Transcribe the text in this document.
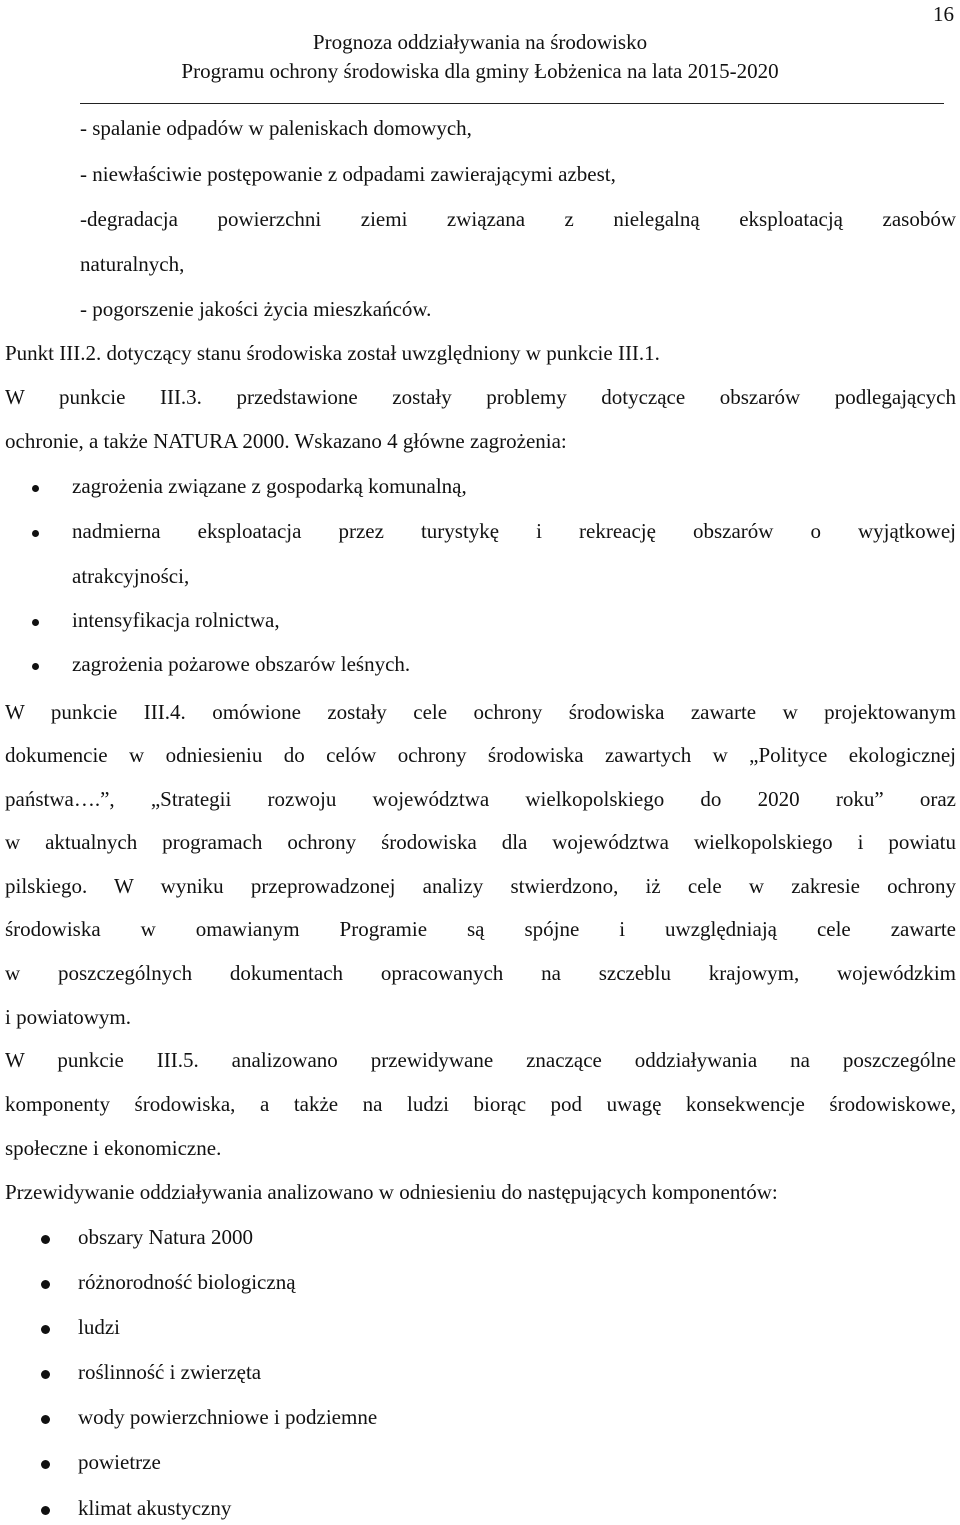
16
Prognoza oddziaływania na środowisko
Programu ochrony środowiska dla gminy Łobżenica na lata 2015-2020
- spalanie odpadów w paleniskach domowych,
- niewłaściwie postępowanie z odpadami zawierającymi azbest,
-degradacja powierzchni ziemi związana z nielegalną eksploatacją zasobów
naturalnych,
- pogorszenie jakości życia mieszkańców.
Punkt III.2. dotyczący stanu środowiska został uwzględniony w punkcie III.1.
W punkcie III.3. przedstawione zostały problemy dotyczące obszarów podlegających
ochronie, a także NATURA 2000. Wskazano 4 główne zagrożenia:
zagrożenia związane z gospodarką komunalną,
nadmierna eksploatacja przez turystykę i rekreację obszarów o wyjątkowej
atrakcyjności,
intensyfikacja rolnictwa,
zagrożenia pożarowe obszarów leśnych.
W punkcie III.4. omówione zostały cele ochrony środowiska zawarte w projektowanym
dokumencie w odniesieniu do celów ochrony środowiska zawartych w „Polityce ekologicznej
państwa….”, „Strategii rozwoju województwa wielkopolskiego do 2020 roku” oraz
w aktualnych programach ochrony środowiska dla województwa wielkopolskiego i powiatu
pilskiego. W wyniku przeprowadzonej analizy stwierdzono, iż cele w zakresie ochrony
środowiska w omawianym Programie są spójne i uwzględniają cele zawarte
w poszczególnych dokumentach opracowanych na szczeblu krajowym, wojewódzkim
i powiatowym.
W punkcie III.5. analizowano przewidywane znaczące oddziaływania na poszczególne
komponenty środowiska, a także na ludzi biorąc pod uwagę konsekwencje środowiskowe,
społeczne i ekonomiczne.
Przewidywanie oddziaływania analizowano w odniesieniu do następujących komponentów:
obszary Natura 2000
różnorodność biologiczną
ludzi
roślinność i zwierzęta
wody powierzchniowe i podziemne
powietrze
klimat akustyczny
